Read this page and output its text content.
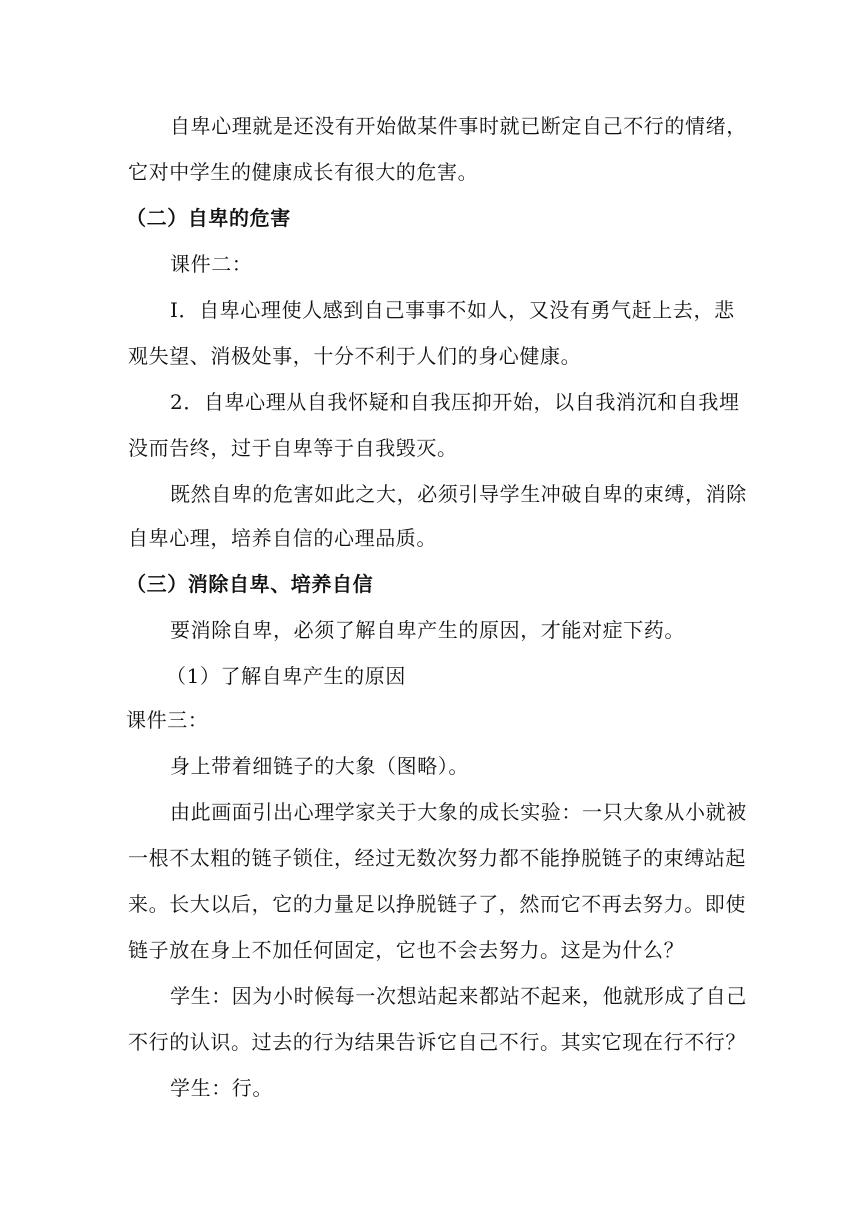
自卑心理就是还没有开始做某件事时就已断定自己不行的情绪，
它对中学生的健康成长有很大的危害。
（二）自卑的危害
课件二：
I．自卑心理使人感到自己事事不如人，又没有勇气赶上去，悲
观失望、消极处事，十分不利于人们的身心健康。
2．自卑心理从自我怀疑和自我压抑开始，以自我消沉和自我埋
没而告终，过于自卑等于自我毁灭。
既然自卑的危害如此之大，必须引导学生冲破自卑的束缚，消除
自卑心理，培养自信的心理品质。
（三）消除自卑、培养自信
要消除自卑，必须了解自卑产生的原因，才能对症下药。
（1）了解自卑产生的原因
课件三：
身上带着细链子的大象（图略）。
由此画面引出心理学家关于大象的成长实验：一只大象从小就被
一根不太粗的链子锁住，经过无数次努力都不能挣脱链子的束缚站起
来。长大以后，它的力量足以挣脱链子了，然而它不再去努力。即使
链子放在身上不加任何固定，它也不会去努力。这是为什么？
学生：因为小时候每一次想站起来都站不起来，他就形成了自己
不行的认识。过去的行为结果告诉它自己不行。其实它现在行不行？
学生：行。
